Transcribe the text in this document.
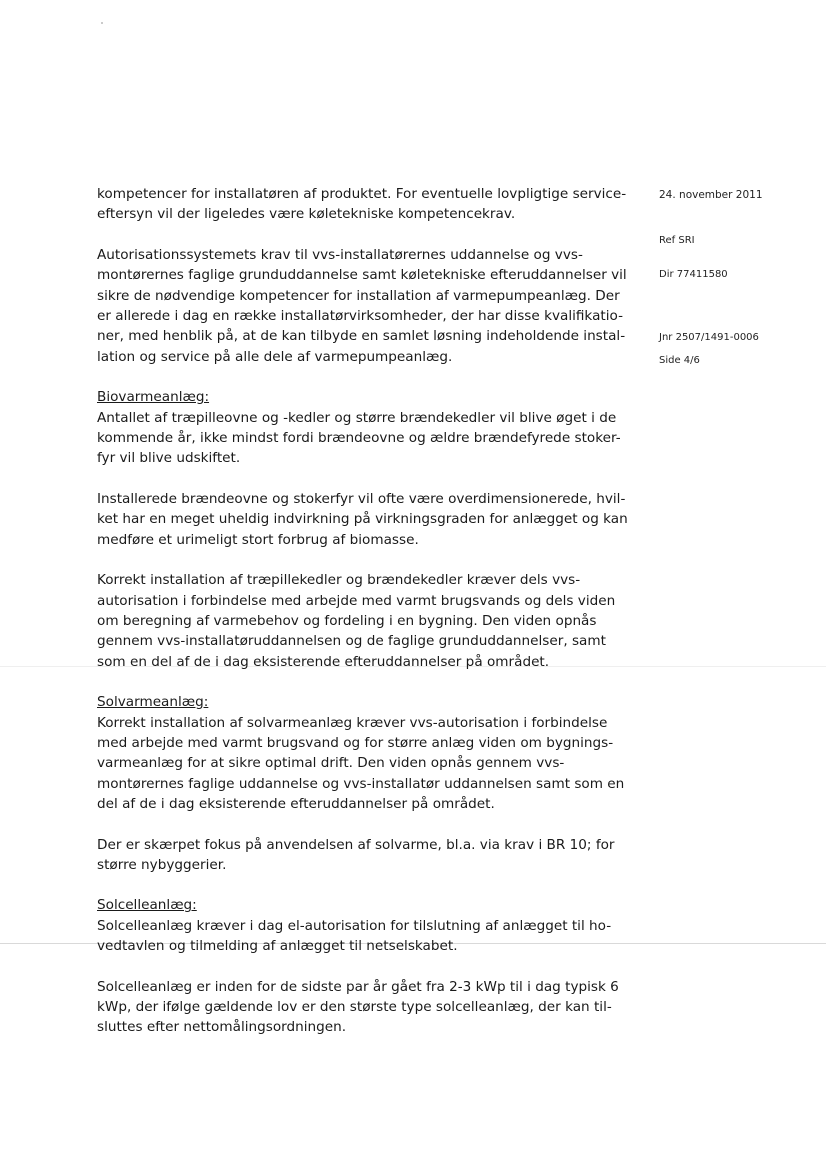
24. november 2011
Ref SRI
Dir 77411580
Jnr 2507/1491-0006
Side 4/6

kompetencer for installatøren af produktet. For eventuelle lovpligtige service-
eftersyn vil der ligeledes være køletekniske kompetencekrav.

Autorisationssystemets krav til vvs-installatørernes uddannelse og vvs-
montørernes faglige grunduddannelse samt køletekniske efteruddannelser vil
sikre de nødvendige kompetencer for installation af varmepumpeanlæg. Der
er allerede i dag en række installatørvirksomheder, der har disse kvalifikatio-
ner, med henblik på, at de kan tilbyde en samlet løsning indeholdende instal-
lation og service på alle dele af varmepumpeanlæg.

Biovarmeanlæg:
Antallet af træpilleovne og -kedler og større brændekedler vil blive øget i de
kommende år, ikke mindst fordi brændeovne og ældre brændefyrede stoker-
fyr vil blive udskiftet.

Installerede brændeovne og stokerfyr vil ofte være overdimensionerede, hvil-
ket har en meget uheldig indvirkning på virkningsgraden for anlægget og kan
medføre et urimeligt stort forbrug af biomasse.

Korrekt installation af træpillekedler og brændekedler kræver dels vvs-
autorisation i forbindelse med arbejde med varmt brugsvands og dels viden
om beregning af varmebehov og fordeling i en bygning. Den viden opnås
gennem vvs-installatøruddannelsen og de faglige grunduddannelser, samt
som en del af de i dag eksisterende efteruddannelser på området.

Solvarmeanlæg:
Korrekt installation af solvarmeanlæg kræver vvs-autorisation i forbindelse
med arbejde med varmt brugsvand og for større anlæg viden om bygnings-
varmeanlæg for at sikre optimal drift. Den viden opnås gennem vvs-
montørernes faglige uddannelse og vvs-installatør uddannelsen samt som en
del af de i dag eksisterende efteruddannelser på området.

Der er skærpet fokus på anvendelsen af solvarme, bl.a. via krav i BR 10; for
større nybyggerier.

Solcelleanlæg:
Solcelleanlæg kræver i dag el-autorisation for tilslutning af anlægget til ho-
vedtavlen og tilmelding af anlægget til netselskabet.

Solcelleanlæg er inden for de sidste par år gået fra 2-3 kWp til i dag typisk 6
kWp, der ifølge gældende lov er den største type solcelleanlæg, der kan til-
sluttes efter nettomålingsordningen.
